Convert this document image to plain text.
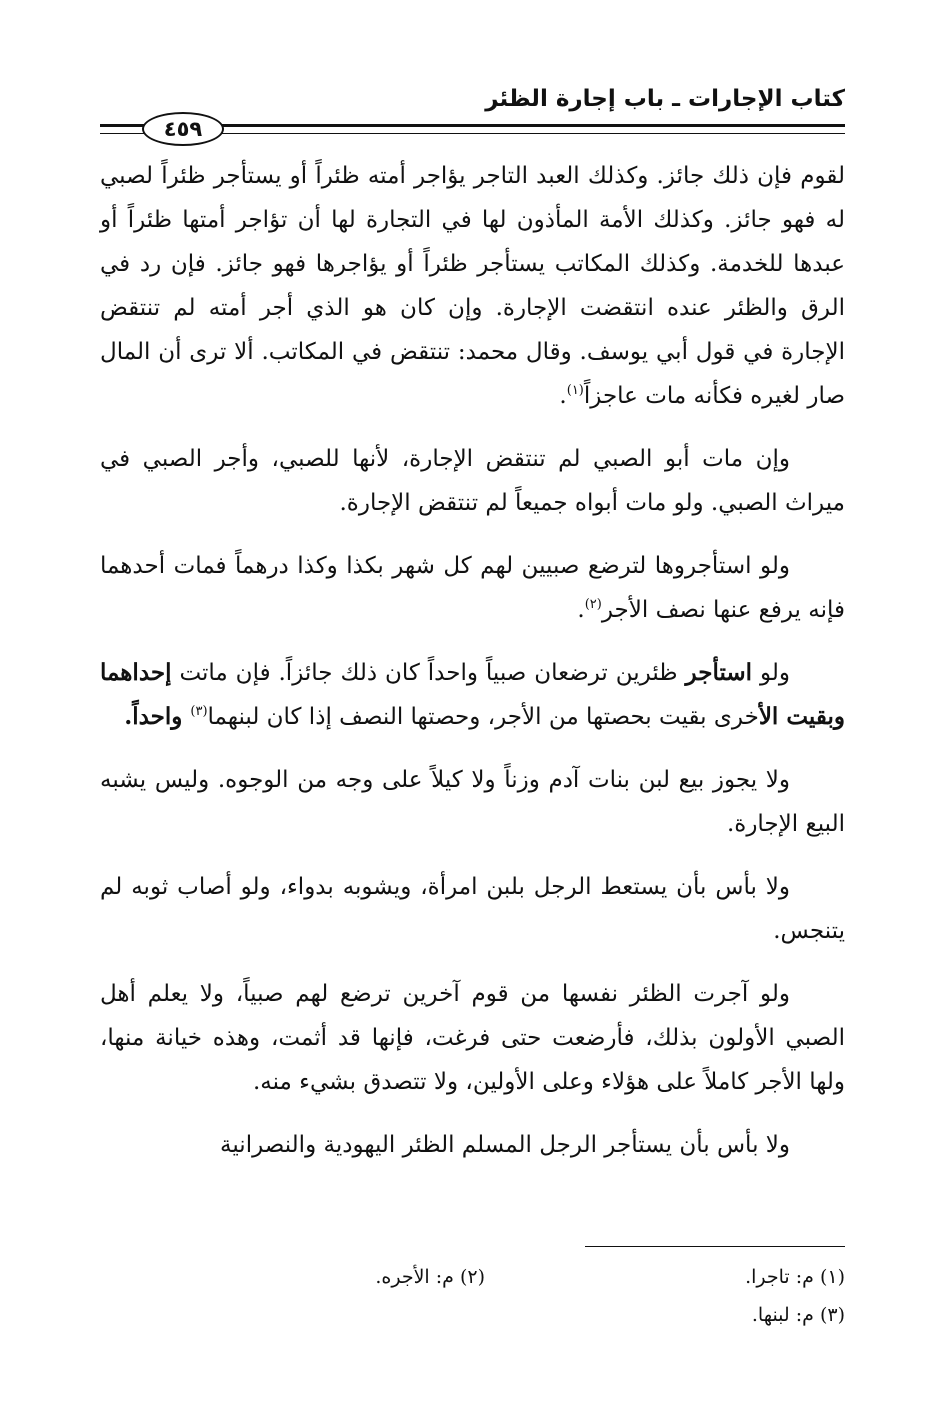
كتاب الإجارات ـ باب إجارة الظئر
٤٥٩

لقوم فإن ذلك جائز. وكذلك العبد التاجر يؤاجر أمته ظئراً أو يستأجر ظئراً لصبي له فهو جائز. وكذلك الأمة المأذون لها في التجارة لها أن تؤاجر أمتها ظئراً أو عبدها للخدمة. وكذلك المكاتب يستأجر ظئراً أو يؤاجرها فهو جائز. فإن رد في الرق والظئر عنده انتقضت الإجارة. وإن كان هو الذي أجر أمته لم تنتقض الإجارة في قول أبي يوسف. وقال محمد: تنتقض في المكاتب. ألا ترى أن المال صار لغيره فكأنه مات عاجزاً$^{(١)}$.

وإن مات أبو الصبي لم تنتقض الإجارة، لأنها للصبي، وأجر الصبي في ميراث الصبي. ولو مات أبواه جميعاً لم تنتقض الإجارة.

ولو استأجروها لترضع صبيين لهم كل شهر بكذا وكذا درهماً فمات أحدهما فإنه يرفع عنها نصف الأجر$^{(٢)}$.

ولو استأجر ظئرين ترضعان صبياً واحداً كان ذلك جائزاً. فإن ماتت إحداهما وبقيت الأخرى بقيت بحصتها من الأجر، وحصتها النصف إذا كان لبنهما$^{(٣)}$ واحداً.

ولا يجوز بيع لبن بنات آدم وزناً ولا كيلاً على وجه من الوجوه. وليس يشبه البيع الإجارة.

ولا بأس بأن يستعط الرجل بلبن امرأة، ويشوبه بدواء، ولو أصاب ثوبه لم يتنجس.

ولو آجرت الظئر نفسها من قوم آخرين ترضع لهم صبياً، ولا يعلم أهل الصبي الأولون بذلك، فأرضعت حتى فرغت، فإنها قد أثمت، وهذه خيانة منها، ولها الأجر كاملاً على هؤلاء وعلى الأولين، ولا تتصدق بشيء منه.

ولا بأس بأن يستأجر الرجل المسلم الظئر اليهودية والنصرانية

(١) م: تاجرا.
(٢) م: الأجره.
(٣) م: لبنها.
